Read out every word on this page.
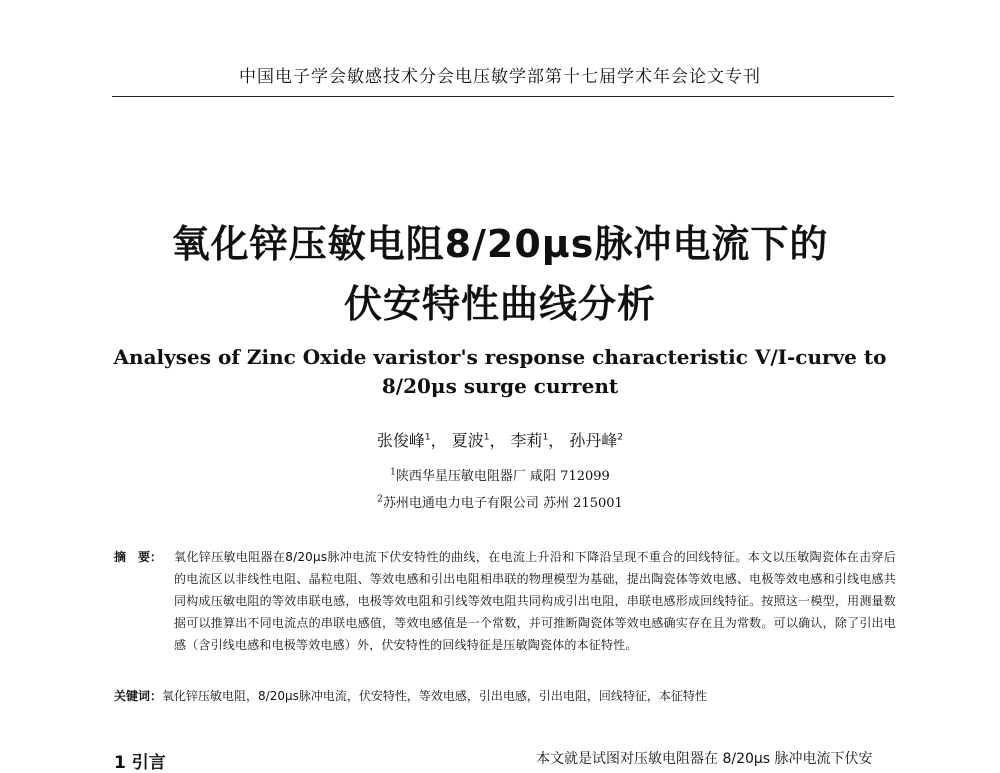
中国电子学会敏感技术分会电压敏学部第十七届学术年会论文专刊
氧化锌压敏电阻8/20μs脉冲电流下的
伏安特性曲线分析
Analyses of Zinc Oxide varistor's response characteristic V/I-curve to
8/20μs surge current
张俊峰$^1$， 夏波$^1$， 李莉$^1$， 孙丹峰$^2$
$^1$陕西华星压敏电阻器厂 咸阳 712099
$^2$苏州电通电力电子有限公司 苏州 215001
摘　要： 氧化锌压敏电阻器在8/20μs脉冲电流下伏安特性的曲线，在电流上升沿和下降沿呈现不重合的回线特征。本文以压敏陶瓷体在击穿后的电流区以非线性电阻、晶粒电阻、等效电感和引出电阻相串联的物理模型为基础，提出陶瓷体等效电感、电极等效电感和引线电感共同构成压敏电阻的等效串联电感，电极等效电阻和引线等效电阻共同构成引出电阻，串联电感形成回线特征。按照这一模型，用测量数据可以推算出不同电流点的串联电感值，等效电感值是一个常数，并可推断陶瓷体等效电感确实存在且为常数。可以确认，除了引出电感（含引线电感和电极等效电感）外，伏安特性的回线特征是压敏陶瓷体的本征特性。
关键词：氧化锌压敏电阻，8/20μs脉冲电流，伏安特性，等效电感，引出电感，引出电阻，回线特征，本征特性
1 引言	本文就是试图对压敏电阻器在 8/20μs 脉冲电流下伏安
